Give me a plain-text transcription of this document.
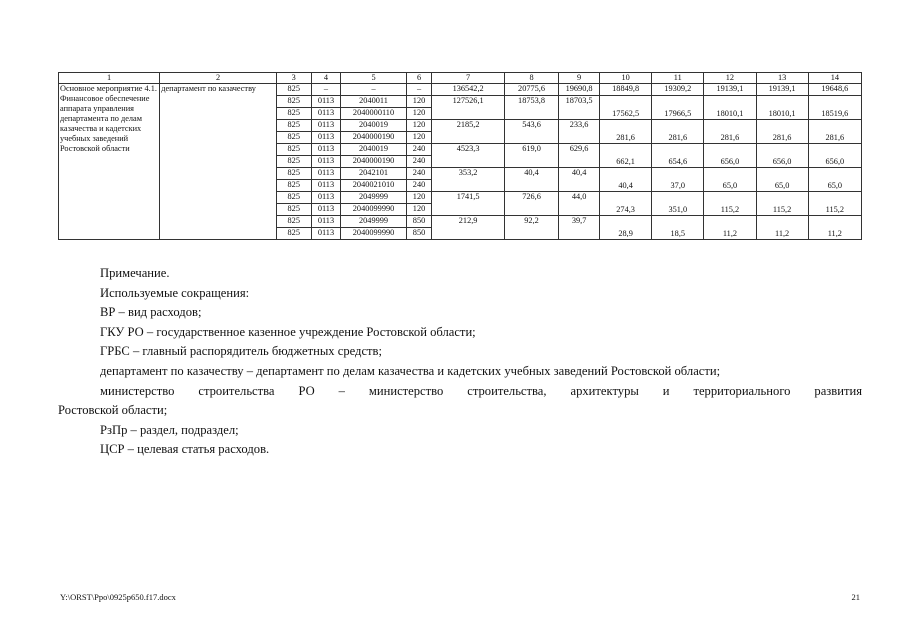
1	2	3	4	5	6	7	8	9	10	11	12	13	14
Основное мероприятие 4.1. Финансовое обеспечение аппарата управления департамента по делам казачества и кадетских учебных заведений Ростовской области	департамент по казачеству	825	–	–	–	136542,2	20775,6	19690,8	18849,8	19309,2	19139,1	19139,1	19648,6
		825	0113	2040011	120	127526,1	18753,8	18703,5	17562,5	17966,5	18010,1	18010,1	18519,6
		825	0113	2040000110	120								
		825	0113	2040019	120	2185,2	543,6	233,6	281,6	281,6	281,6	281,6	281,6
		825	0113	2040000190	120								
		825	0113	2040019	240	4523,3	619,0	629,6	662,1	654,6	656,0	656,0	656,0
		825	0113	2040000190	240								
		825	0113	2042101	240	353,2	40,4	40,4	40,4	37,0	65,0	65,0	65,0
		825	0113	2040021010	240								
		825	0113	2049999	120	1741,5	726,6	44,0	274,3	351,0	115,2	115,2	115,2
		825	0113	2040099990	120								
		825	0113	2049999	850	212,9	92,2	39,7	28,9	18,5	11,2	11,2	11,2
		825	0113	2040099990	850								

Примечание.

Используемые сокращения:

ВР – вид расходов;

ГКУ РО – государственное казенное учреждение Ростовской области;

ГРБС – главный распорядитель бюджетных средств;

департамент по казачеству – департамент по делам казачества и кадетских учебных заведений Ростовской области;

министерство строительства РО – министерство строительства, архитектуры и территориального развития

Ростовской области;

РзПр – раздел, подраздел;

ЦСР – целевая статья расходов.

Y:\ORST\Ppo\0925p650.f17.docx	21
